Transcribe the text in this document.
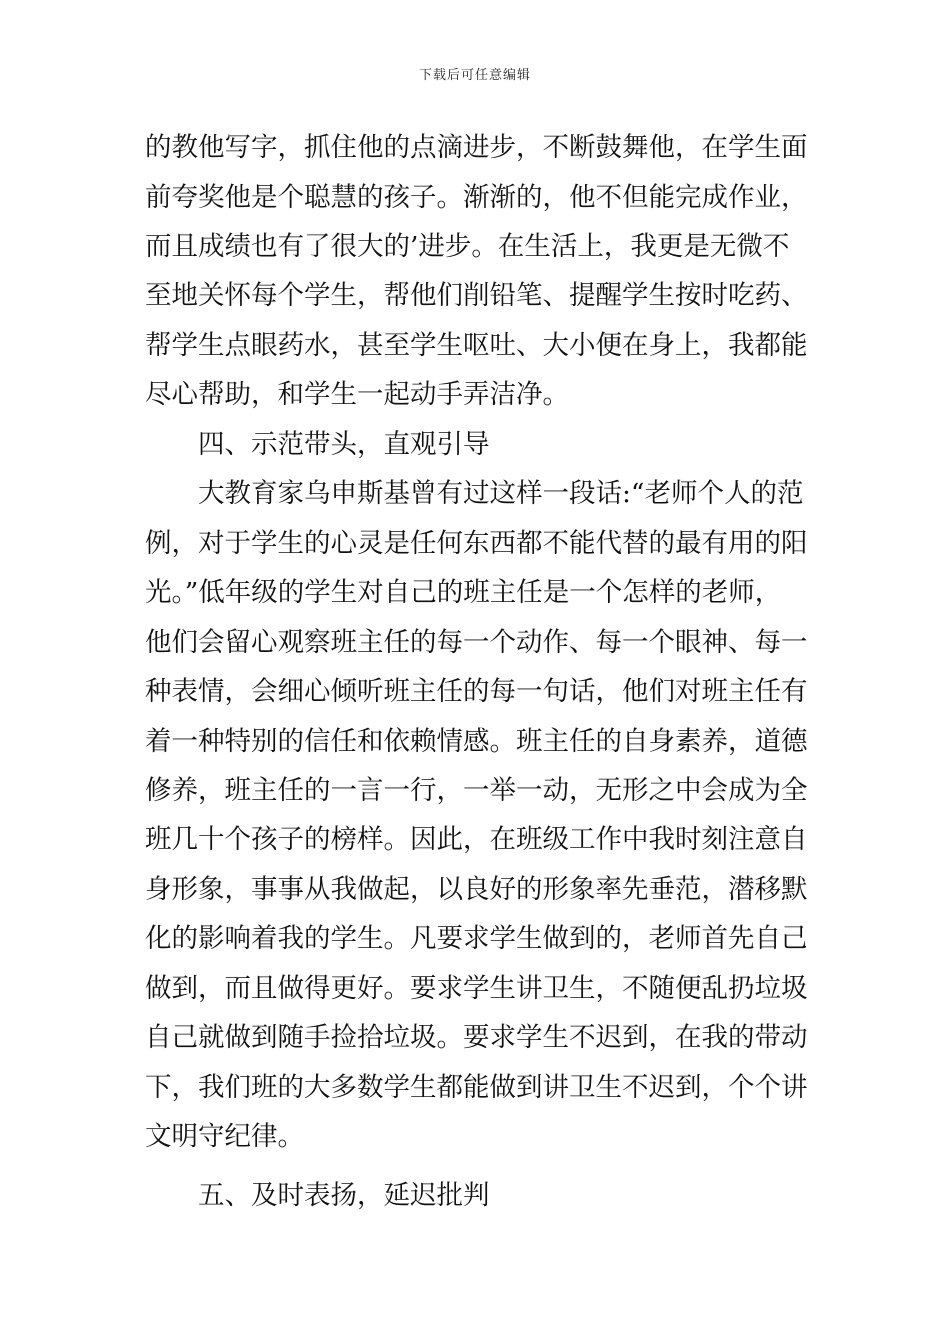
下载后可任意编辑
的教他写字，抓住他的点滴进步，不断鼓舞他，在学生面
前夸奖他是个聪慧的孩子。渐渐的，他不但能完成作业，
而且成绩也有了很大的’进步。在生活上，我更是无微不
至地关怀每个学生，帮他们削铅笔、提醒学生按时吃药、
帮学生点眼药水，甚至学生呕吐、大小便在身上，我都能
尽心帮助，和学生一起动手弄洁净。
四、示范带头，直观引导
大教育家乌申斯基曾有过这样一段话:“老师个人的范
例，对于学生的心灵是任何东西都不能代替的最有用的阳
光。”低年级的学生对自己的班主任是一个怎样的老师，
他们会留心观察班主任的每一个动作、每一个眼神、每一
种表情，会细心倾听班主任的每一句话，他们对班主任有
着一种特别的信任和依赖情感。班主任的自身素养，道德
修养，班主任的一言一行，一举一动，无形之中会成为全
班几十个孩子的榜样。因此，在班级工作中我时刻注意自
身形象，事事从我做起，以良好的形象率先垂范，潜移默
化的影响着我的学生。凡要求学生做到的，老师首先自己
做到，而且做得更好。要求学生讲卫生，不随便乱扔垃圾
自己就做到随手捡拾垃圾。要求学生不迟到，在我的带动
下，我们班的大多数学生都能做到讲卫生不迟到，个个讲
文明守纪律。
五、及时表扬，延迟批判
